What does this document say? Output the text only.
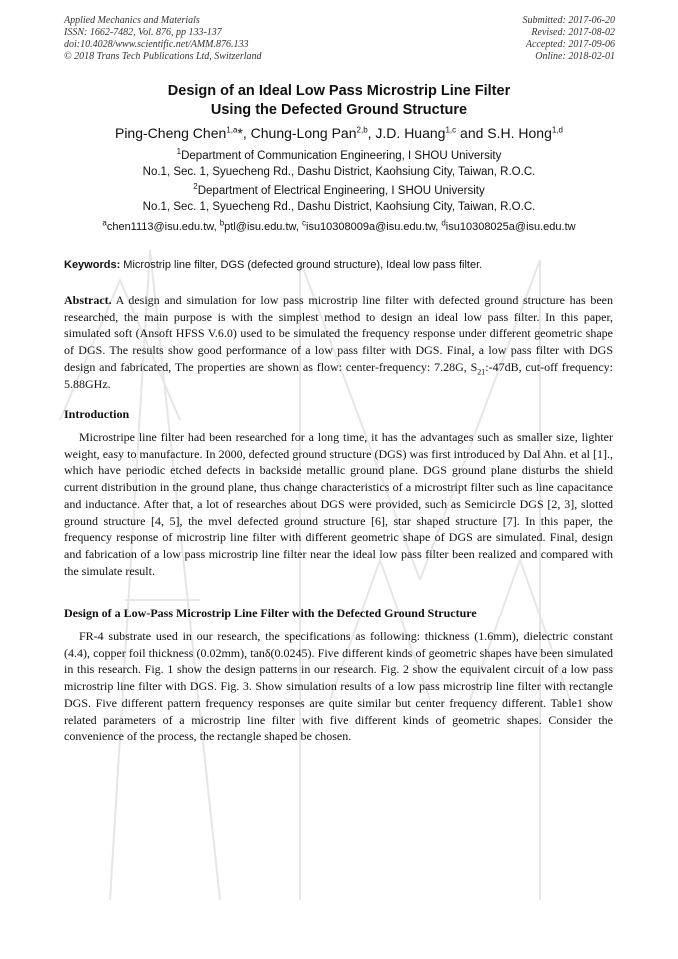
Applied Mechanics and Materials
ISSN: 1662-7482, Vol. 876, pp 133-137
doi:10.4028/www.scientific.net/AMM.876.133
© 2018 Trans Tech Publications Ltd, Switzerland
Submitted: 2017-06-20
Revised: 2017-08-02
Accepted: 2017-09-06
Online: 2018-02-01
Design of an Ideal Low Pass Microstrip Line Filter
Using the Defected Ground Structure
Ping-Cheng Chen$^{1,a}$*, Chung-Long Pan$^{2,b}$, J.D. Huang$^{1,c}$ and S.H. Hong$^{1,d}$
$^1$Department of Communication Engineering, I SHOU University
No.1, Sec. 1, Syuecheng Rd., Dashu District, Kaohsiung City, Taiwan, R.O.C.
$^2$Department of Electrical Engineering, I SHOU University
No.1, Sec. 1, Syuecheng Rd., Dashu District, Kaohsiung City, Taiwan, R.O.C.
$^a$chen1113@isu.edu.tw, $^b$ptl@isu.edu.tw, $^c$isu10308009a@isu.edu.tw, $^d$isu10308025a@isu.edu.tw
Keywords: Microstrip line filter, DGS (defected ground structure), Ideal low pass filter.
Abstract. A design and simulation for low pass microstrip line filter with defected ground structure has been researched, the main purpose is with the simplest method to design an ideal low pass filter. In this paper, simulated soft (Ansoft HFSS V.6.0) used to be simulated the frequency response under different geometric shape of DGS. The results show good performance of a low pass filter with DGS. Final, a low pass filter with DGS design and fabricated, The properties are shown as flow: center-frequency: 7.28G, $S_{21}:-47dB$, cut-off frequency: 5.88GHz.
Introduction
Microstripe line filter had been researched for a long time, it has the advantages such as smaller size, lighter weight, easy to manufacture. In 2000, defected ground structure (DGS) was first introduced by Dal Ahn. et al [1]., which have periodic etched defects in backside metallic ground plane. DGS ground plane disturbs the shield current distribution in the ground plane, thus change characteristics of a microstript filter such as line capacitance and inductance. After that, a lot of researches about DGS were provided, such as Semicircle DGS [2, 3], slotted ground structure [4, 5], the mvel defected ground structure [6], star shaped structure [7]. In this paper, the frequency response of microstrip line filter with different geometric shape of DGS are simulated. Final, design and fabrication of a low pass microstrip line filter near the ideal low pass filter been realized and compared with the simulate result.
Design of a Low-Pass Microstrip Line Filter with the Defected Ground Structure
FR-4 substrate used in our research, the specifications as following: thickness (1.6mm), dielectric constant (4.4), copper foil thickness (0.02mm), tanδ(0.0245). Five different kinds of geometric shapes have been simulated in this research. Fig. 1 show the design patterns in our research. Fig. 2 show the equivalent circuit of a low pass microstrip line filter with DGS. Fig. 3. Show simulation results of a low pass microstrip line filter with rectangle DGS. Five different pattern frequency responses are quite similar but center frequency different. Table1 show related parameters of a microstrip line filter with five different kinds of geometric shapes. Consider the convenience of the process, the rectangle shaped be chosen.
